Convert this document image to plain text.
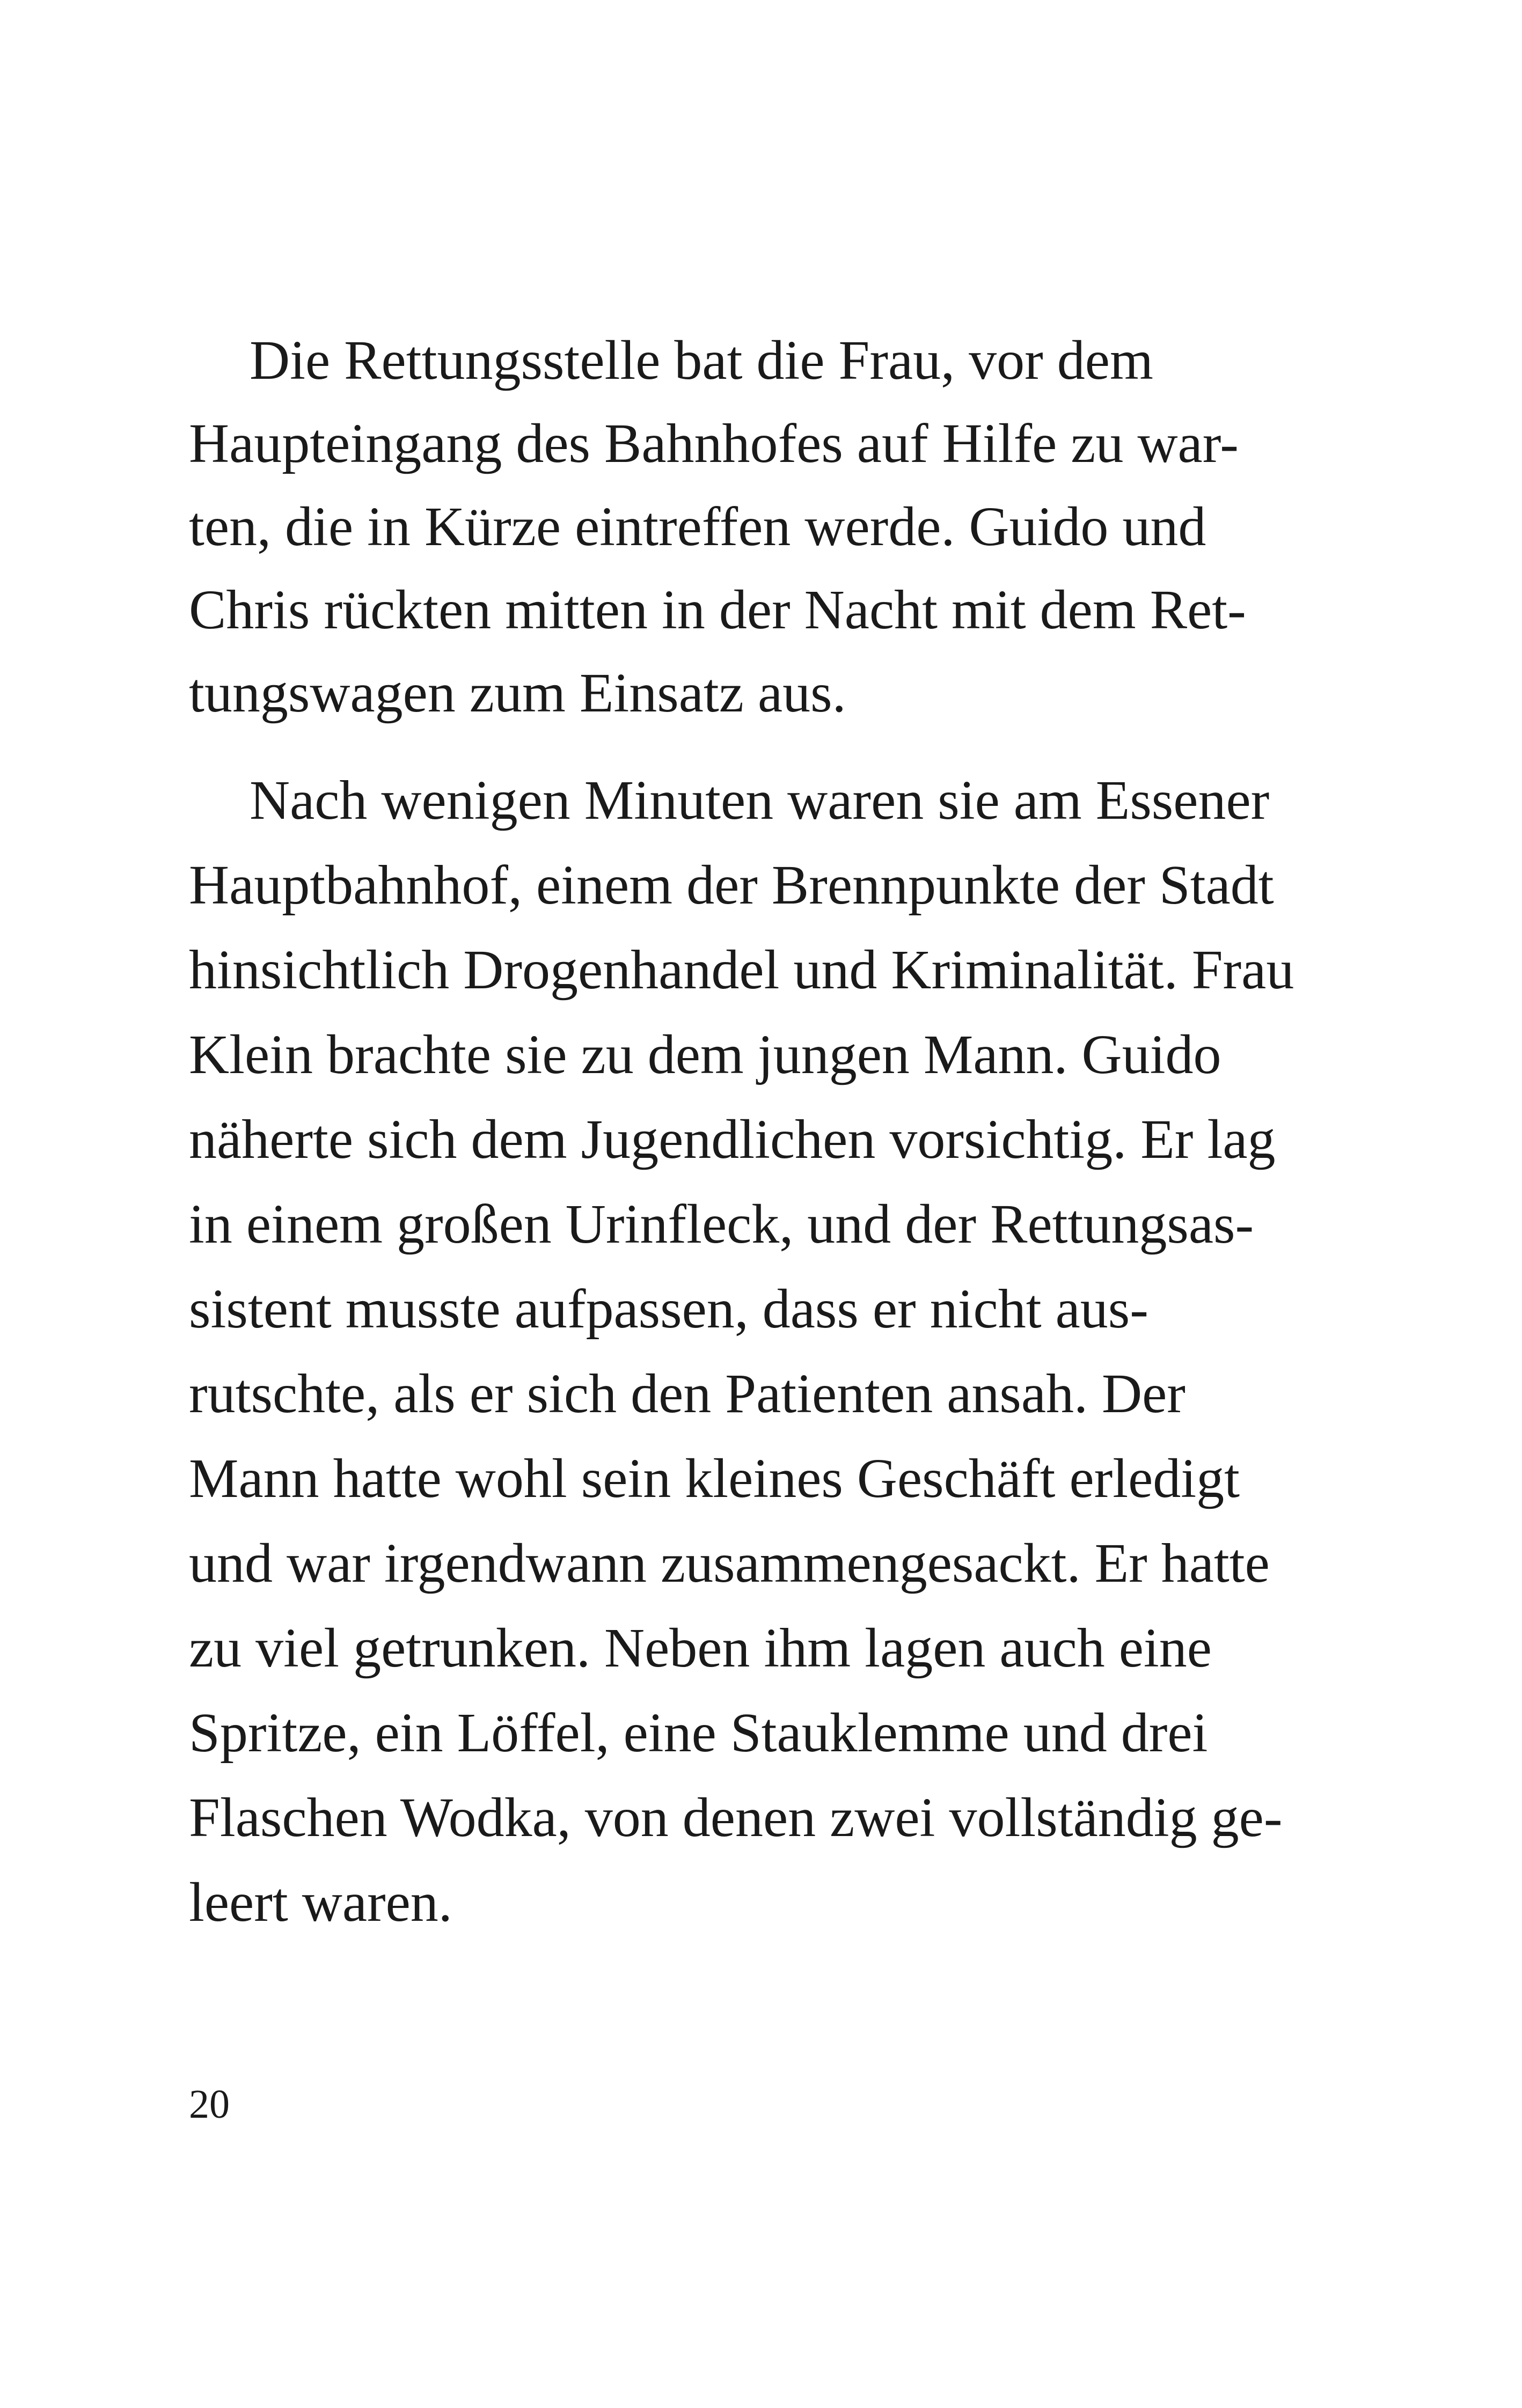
Die Rettungsstelle bat die Frau, vor dem
Haupteingang des Bahnhofes auf Hilfe zu war-
ten, die in Kürze eintreffen werde. Guido und
Chris rückten mitten in der Nacht mit dem Ret-
tungswagen zum Einsatz aus.
Nach wenigen Minuten waren sie am Essener
Hauptbahnhof, einem der Brennpunkte der Stadt
hinsichtlich Drogenhandel und Kriminalität. Frau
Klein brachte sie zu dem jungen Mann. Guido
näherte sich dem Jugendlichen vorsichtig. Er lag
in einem großen Urinfleck, und der Rettungsas-
sistent musste aufpassen, dass er nicht aus-
rutschte, als er sich den Patienten ansah. Der
Mann hatte wohl sein kleines Geschäft erledigt
und war irgendwann zusammengesackt. Er hatte
zu viel getrunken. Neben ihm lagen auch eine
Spritze, ein Löffel, eine Stauklemme und drei
Flaschen Wodka, von denen zwei vollständig ge-
leert waren.
20
